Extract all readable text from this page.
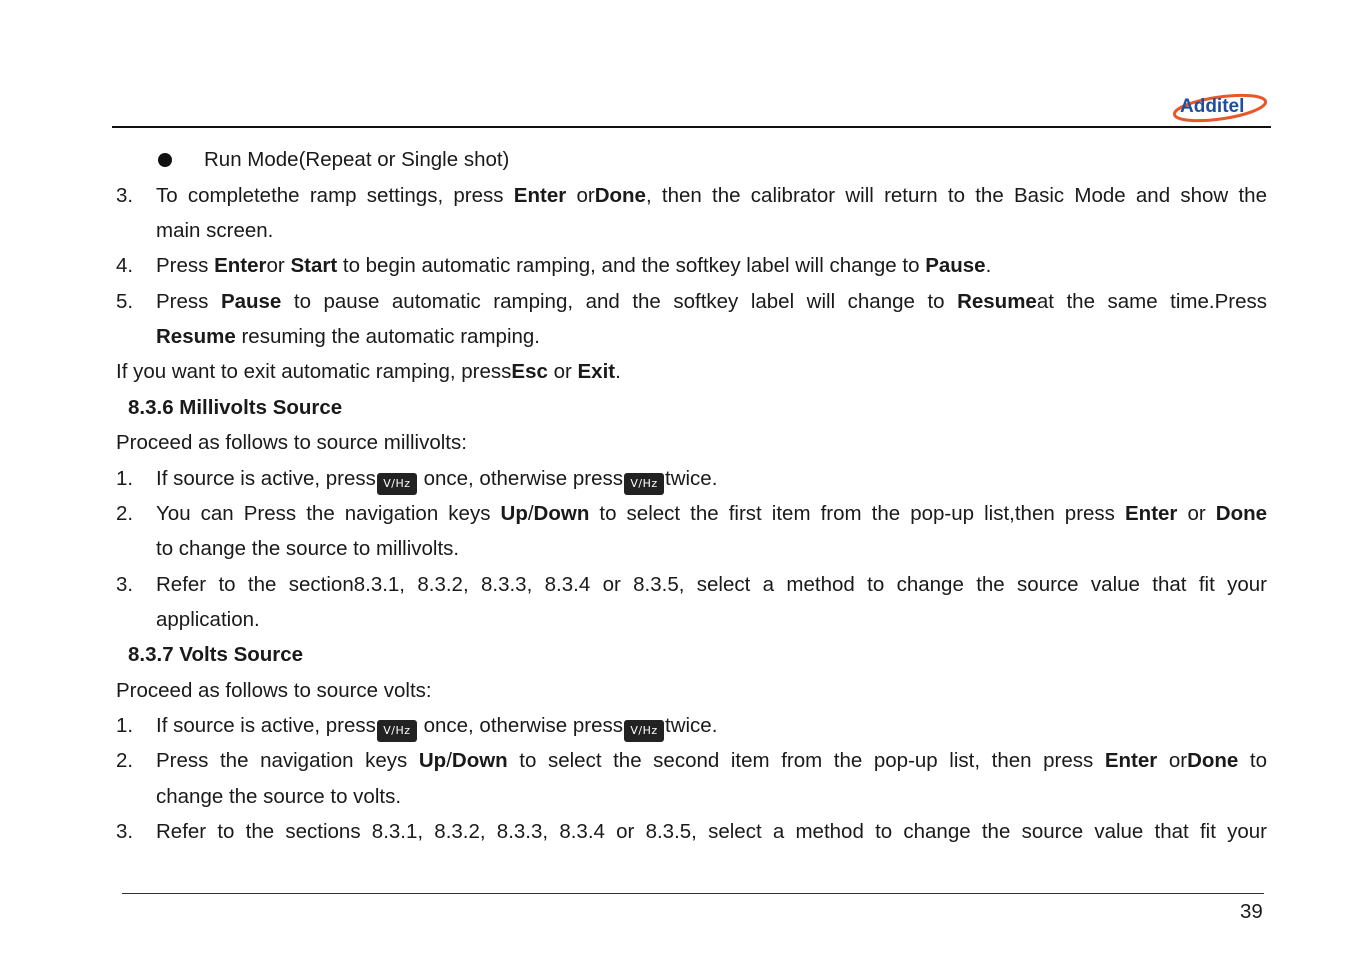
Additel
Run Mode(Repeat or Single shot)
3. To completethe ramp settings, press Enter orDone, then the calibrator will return to the Basic Mode and show the
main screen.
4. Press Enteror Start to begin automatic ramping, and the softkey label will change to Pause.
5. Press Pause to pause automatic ramping, and the softkey label will change to Resumeat the same time.Press
Resume resuming the automatic ramping.
If you want to exit automatic ramping, pressEsc or Exit.
8.3.6 Millivolts Source
Proceed as follows to source millivolts:
1. If source is active, press V/Hz once, otherwise press V/Hz twice.
2. You can Press the navigation keys Up/Down to select the first item from the pop-up list,then press Enter or Done
to change the source to millivolts.
3. Refer to the section8.3.1, 8.3.2, 8.3.3, 8.3.4 or 8.3.5, select a method to change the source value that fit your
application.
8.3.7 Volts Source
Proceed as follows to source volts:
1. If source is active, press V/Hz once, otherwise press V/Hz twice.
2. Press the navigation keys Up/Down to select the second item from the pop-up list, then press Enter orDone to
change the source to volts.
3. Refer to the sections 8.3.1, 8.3.2, 8.3.3, 8.3.4 or 8.3.5, select a method to change the source value that fit your
39
